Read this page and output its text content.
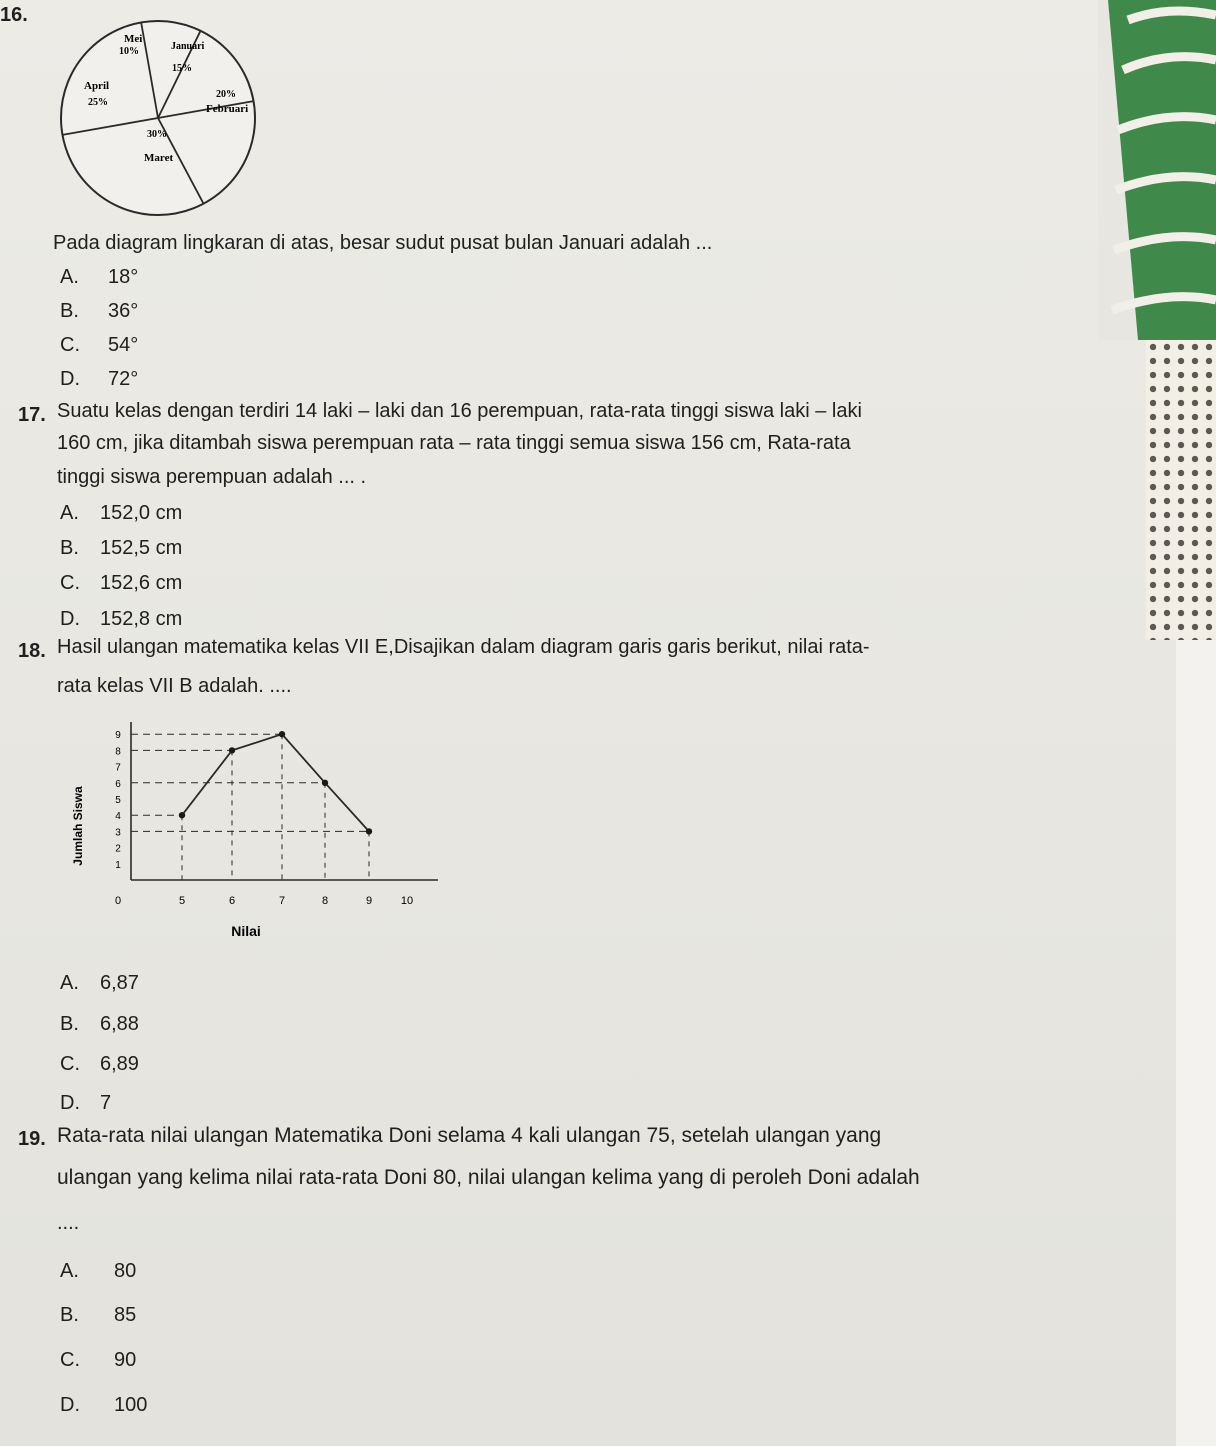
16.
Mei
10%	Januari
15%
20%
Februari
April
25%
30%
Maret
Pada diagram lingkaran di atas, besar sudut pusat bulan Januari adalah ...
A. 18°
B. 36°
C. 54°
D. 72°
17. Suatu kelas dengan terdiri 14 laki – laki dan 16 perempuan, rata-rata tinggi siswa laki – laki
160 cm, jika ditambah siswa perempuan rata – rata tinggi semua siswa 156 cm, Rata-rata
tinggi siswa perempuan adalah ... .
A. 152,0 cm
B. 152,5 cm
C. 152,6 cm
D. 152,8 cm
18. Hasil ulangan matematika kelas VII E,Disajikan dalam diagram garis garis berikut, nilai rata-
rata kelas VII B adalah. ....
1
2
3
4
5
6
7
8
9
0	5	6	7	8	9	10
Nilai
Jumlah Siswa
A. 6,87
B. 6,88
C. 6,89
D. 7
19. Rata-rata nilai ulangan Matematika Doni selama 4 kali ulangan 75, setelah ulangan yang
ulangan yang kelima nilai rata-rata Doni 80, nilai ulangan kelima yang di peroleh Doni adalah
....
A. 80
B. 85
C. 90
D. 100
